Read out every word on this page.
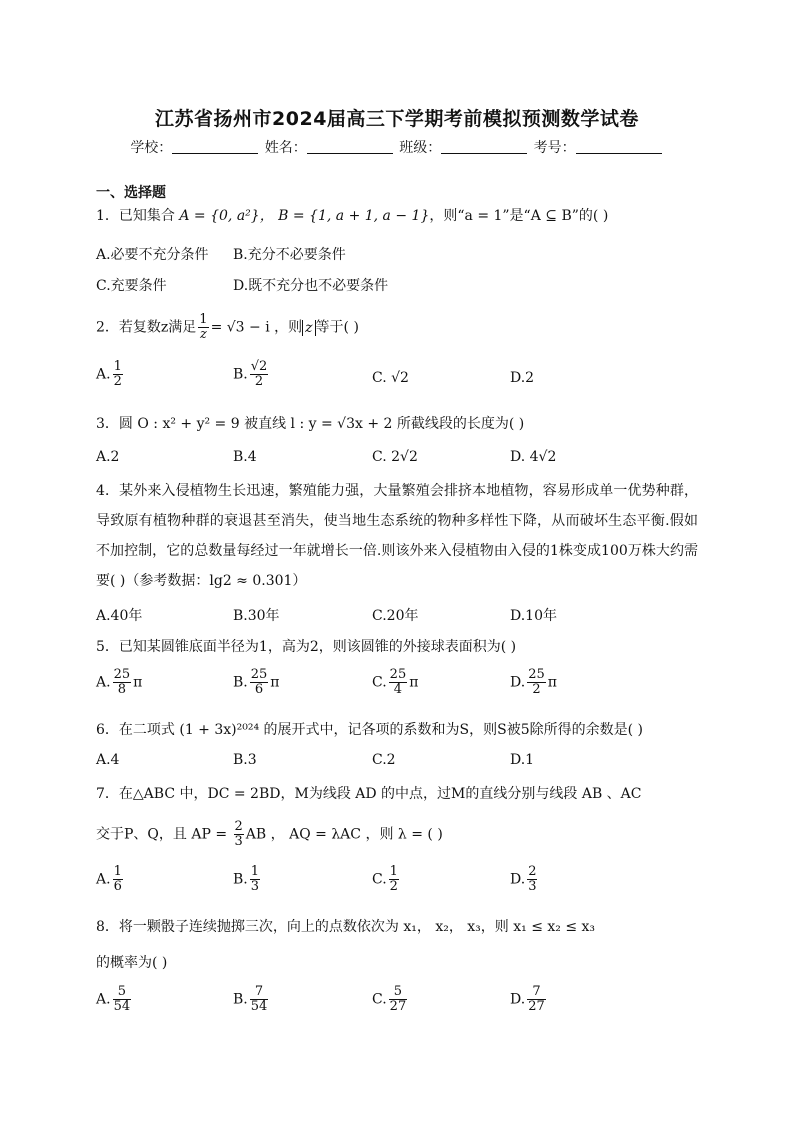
江苏省扬州市2024届高三下学期考前模拟预测数学试卷
学校：	姓名：	班级：	考号：
一、选择题
1．已知集合 A = {0, a²}， B = {1, a + 1, a − 1}，则“a = 1”是“A ⊆ B”的( )
A.必要不充分条件 B.充分不必要条件
C.充要条件	D.既不充分也不必要条件
2．若复数z满足 $\frac{1}{z} = √3 - i$ ，则 z 等于( )
A. $\frac{1}{2}$	B. $\frac{√2}{2}$	C. √2	D.2
3．圆 O : x² + y² = 9 被直线 l : y = √3x + 2 所截线段的长度为( )
A.2	B.4	C. 2√2	D. 4√2
4．某外来入侵植物生长迅速，繁殖能力强，大量繁殖会排挤本地植物，容易形成单一优势种群，导致原有植物种群的衰退甚至消失，使当地生态系统的物种多样性下降，从而破坏生态平衡.假如不加控制，它的总数量每经过一年就增长一倍.则该外来入侵植物由入侵的1株变成100万株大约需要( )（参考数据：lg2 ≈ 0.301）
A.40年	B.30年	C.20年	D.10年
5．已知某圆锥底面半径为1，高为2，则该圆锥的外接球表面积为( )
A. $\frac{25}{8}$ π	B. $\frac{25}{6}$ π	C. $\frac{25}{4}$ π	D. $\frac{25}{2}$ π
6．在二项式 (1 + 3x)²⁰²⁴ 的展开式中，记各项的系数和为S，则S被5除所得的余数是( )
A.4	B.3	C.2	D.1
7．在△ABC 中，DC = 2BD，M为线段 AD 的中点，过M的直线分别与线段 AB 、AC
交于P、Q，且 AP = $\frac{2}{3}$ AB ， AQ = λAC ，则 λ = ( )
A. $\frac{1}{6}$	B. $\frac{1}{3}$	C. $\frac{1}{2}$	D. $\frac{2}{3}$
8．将一颗骰子连续抛掷三次，向上的点数依次为 x₁， x₂， x₃，则 x₁ ≤ x₂ ≤ x₃
的概率为( )
A. $\frac{5}{54}$	B. $\frac{7}{54}$	C. $\frac{5}{27}$	D. $\frac{7}{27}$
